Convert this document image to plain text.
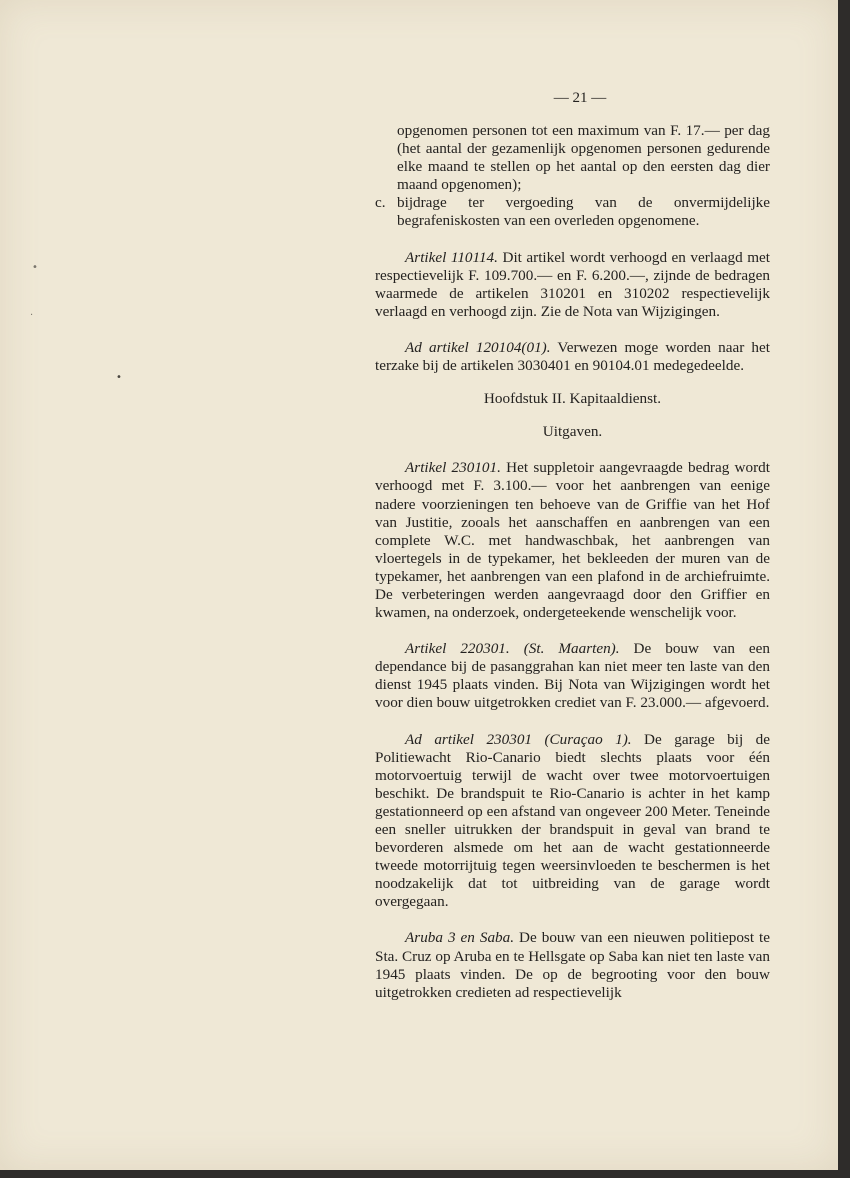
•
·
•
— 21 —

opgenomen personen tot een maximum van F. 17.— per dag (het aantal der gezamenlijk opgenomen personen gedurende elke maand te stellen op het aantal op den eersten dag dier maand opgenomen);

c. bijdrage ter vergoeding van de onvermijdelijke begrafeniskosten van een overleden opgenomene.

Artikel 110114. Dit artikel wordt verhoogd en verlaagd met respectievelijk F. 109.700.— en F. 6.200.—, zijnde de bedragen waarmede de artikelen 310201 en 310202 respectievelijk verlaagd en verhoogd zijn. Zie de Nota van Wijzigingen.

Ad artikel 120104(01). Verwezen moge worden naar het terzake bij de artikelen 3030401 en 90104.01 medegedeelde.

Hoofdstuk II. Kapitaaldienst.

Uitgaven.

Artikel 230101. Het suppletoir aangevraagde bedrag wordt verhoogd met F. 3.100.— voor het aanbrengen van eenige nadere voorzieningen ten behoeve van de Griffie van het Hof van Justitie, zooals het aanschaffen en aanbrengen van een complete W.C. met handwaschbak, het aanbrengen van vloertegels in de typekamer, het bekleeden der muren van de typekamer, het aanbrengen van een plafond in de archiefruimte. De verbeteringen werden aangevraagd door den Griffier en kwamen, na onderzoek, ondergeteekende wenschelijk voor.

Artikel 220301. (St. Maarten). De bouw van een dependance bij de pasanggrahan kan niet meer ten laste van den dienst 1945 plaats vinden. Bij Nota van Wijzigingen wordt het voor dien bouw uitgetrokken crediet van F. 23.000.— afgevoerd.

Ad artikel 230301 (Curaçao 1). De garage bij de Politiewacht Rio-Canario biedt slechts plaats voor één motorvoertuig terwijl de wacht over twee motorvoertuigen beschikt. De brandspuit te Rio-Canario is achter in het kamp gestationneerd op een afstand van ongeveer 200 Meter. Teneinde een sneller uitrukken der brandspuit in geval van brand te bevorderen alsmede om het aan de wacht gestationneerde tweede motorrijtuig tegen weersinvloeden te beschermen is het noodzakelijk dat tot uitbreiding van de garage wordt overgegaan.

Aruba 3 en Saba. De bouw van een nieuwen politiepost te Sta. Cruz op Aruba en te Hellsgate op Saba kan niet ten laste van 1945 plaats vinden. De op de begrooting voor den bouw uitgetrokken credieten ad respectievelijk
